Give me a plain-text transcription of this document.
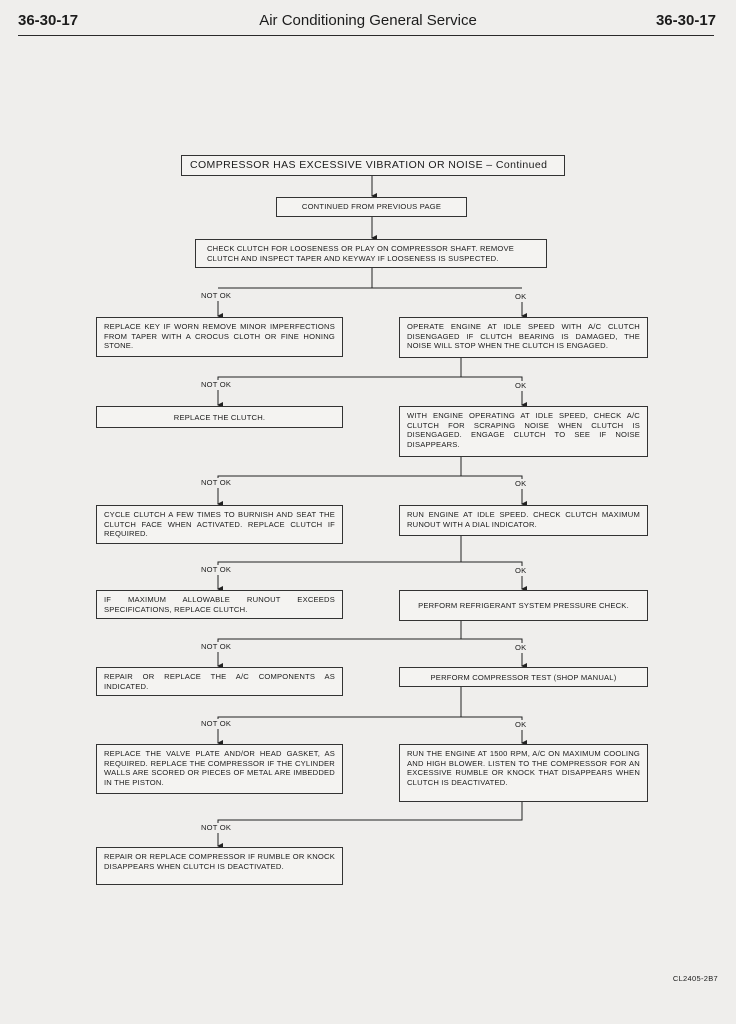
36-30-17	Air Conditioning General Service	36-30-17
COMPRESSOR HAS EXCESSIVE VIBRATION OR NOISE – Continued
CONTINUED FROM PREVIOUS PAGE
CHECK CLUTCH FOR LOOSENESS OR PLAY ON COMPRESSOR SHAFT. REMOVE CLUTCH AND INSPECT TAPER AND KEYWAY IF LOOSENESS IS SUSPECTED.
NOT OK	OK
REPLACE KEY IF WORN REMOVE MINOR IMPERFECTIONS FROM TAPER WITH A CROCUS CLOTH OR FINE HONING STONE.
OPERATE ENGINE AT IDLE SPEED WITH A/C CLUTCH DISENGAGED IF CLUTCH BEARING IS DAMAGED, THE NOISE WILL STOP WHEN THE CLUTCH IS ENGAGED.
NOT OK	OK
REPLACE THE CLUTCH.	WITH ENGINE OPERATING AT IDLE SPEED, CHECK A/C CLUTCH FOR SCRAPING NOISE WHEN CLUTCH IS DISENGAGED. ENGAGE CLUTCH TO SEE IF NOISE DISAPPEARS.
NOT OK	OK
CYCLE CLUTCH A FEW TIMES TO BURNISH AND SEAT THE CLUTCH FACE WHEN ACTIVATED. REPLACE CLUTCH IF REQUIRED.
RUN ENGINE AT IDLE SPEED. CHECK CLUTCH MAXIMUM RUNOUT WITH A DIAL INDICATOR.
NOT OK	OK
IF MAXIMUM ALLOWABLE RUNOUT EXCEEDS SPECIFICATIONS, REPLACE CLUTCH.	PERFORM REFRIGERANT SYSTEM PRESSURE CHECK.
NOT OK	OK
REPAIR OR REPLACE THE A/C COMPONENTS AS INDICATED.
PERFORM COMPRESSOR TEST (SHOP MANUAL)
NOT OK	OK
REPLACE THE VALVE PLATE AND/OR HEAD GASKET, AS REQUIRED. REPLACE THE COMPRESSOR IF THE CYLINDER WALLS ARE SCORED OR PIECES OF METAL ARE IMBEDDED IN THE PISTON.
RUN THE ENGINE AT 1500 RPM, A/C ON MAXIMUM COOLING AND HIGH BLOWER. LISTEN TO THE COMPRESSOR FOR AN EXCESSIVE RUMBLE OR KNOCK THAT DISAPPEARS WHEN CLUTCH IS DEACTIVATED.
NOT OK
REPAIR OR REPLACE COMPRESSOR IF RUMBLE OR KNOCK DISAPPEARS WHEN CLUTCH IS DEACTIVATED.
CL2405-2B7
